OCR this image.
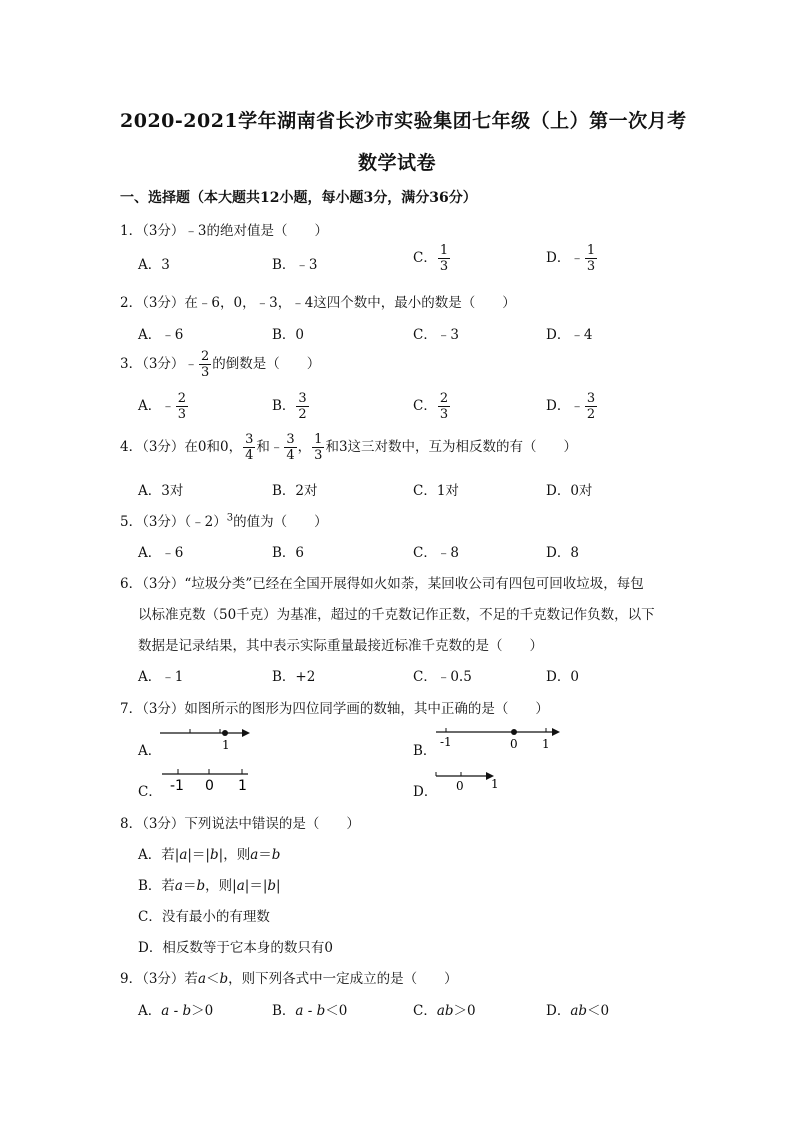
2020-2021学年湖南省长沙市实验集团七年级（上）第一次月考
数学试卷
一、选择题（本大题共12小题，每小题3分，满分36分）
1．（3分）﹣3的绝对值是（　　）
A．3	B．﹣3	C． $\frac{1}{3}$	D．﹣ $\frac{1}{3}$
2．（3分）在﹣6，0，﹣3，﹣4这四个数中，最小的数是（　　）
A．﹣6	B．0	C．﹣3	D．﹣4
3．（3分）﹣ $\frac{2}{3}$ 的倒数是（　　）
A．﹣ $\frac{2}{3}$	B． $\frac{3}{2}$	C． $\frac{2}{3}$	D．﹣ $\frac{3}{2}$
4．（3分）在0和0， $\frac{3}{4}$ 和﹣ $\frac{3}{4}$ ， $\frac{1}{3}$ 和3这三对数中，互为相反数的有（　　）
A．3对	B．2对	C．1对	D．0对
5．（3分）（﹣2）$^3$的值为（　　）
A．﹣6	B．6	C．﹣8	D．8
6．（3分）“垃圾分类”已经在全国开展得如火如荼，某回收公司有四包可回收垃圾，每包
以标准克数（50千克）为基准，超过的千克数记作正数，不足的千克数记作负数，以下
数据是记录结果，其中表示实际重量最接近标准千克数的是（　　）
A．﹣1	B．+2	C．﹣0.5	D．0
7．（3分）如图所示的图形为四位同学画的数轴，其中正确的是（　　）
A．	1	B．
-1	0 1
C． -1 0 1	D． 0 1
8．（3分）下列说法中错误的是（　　）
A．若|a|＝|b|，则a＝b
B．若a＝b，则|a|＝|b|
C．没有最小的有理数
D．相反数等于它本身的数只有0
9．（3分）若a＜b，则下列各式中一定成立的是（　　）
A．a - b＞0	B．a - b＜0	C．ab＞0	D．ab＜0
